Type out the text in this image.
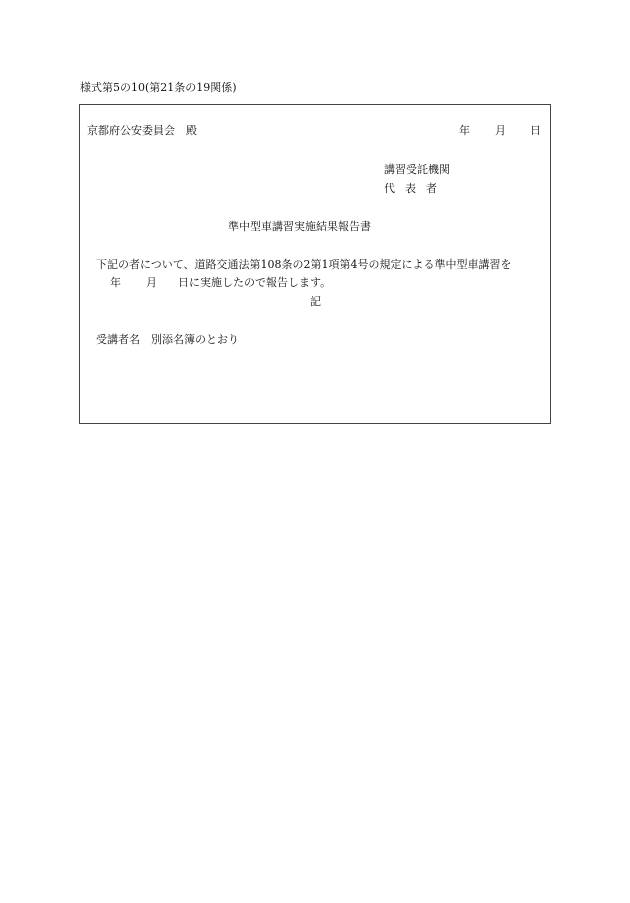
様式第5の10(第21条の19関係)
京都府公安委員会　殿	年 月 日
講習受託機関
代表者
準中型車講習実施結果報告書
下記の者について、道路交通法第108条の2第1項第4号の規定による準中型車講習を
年 月 日に実施したので報告します。
記
受講者名　別添名簿のとおり
